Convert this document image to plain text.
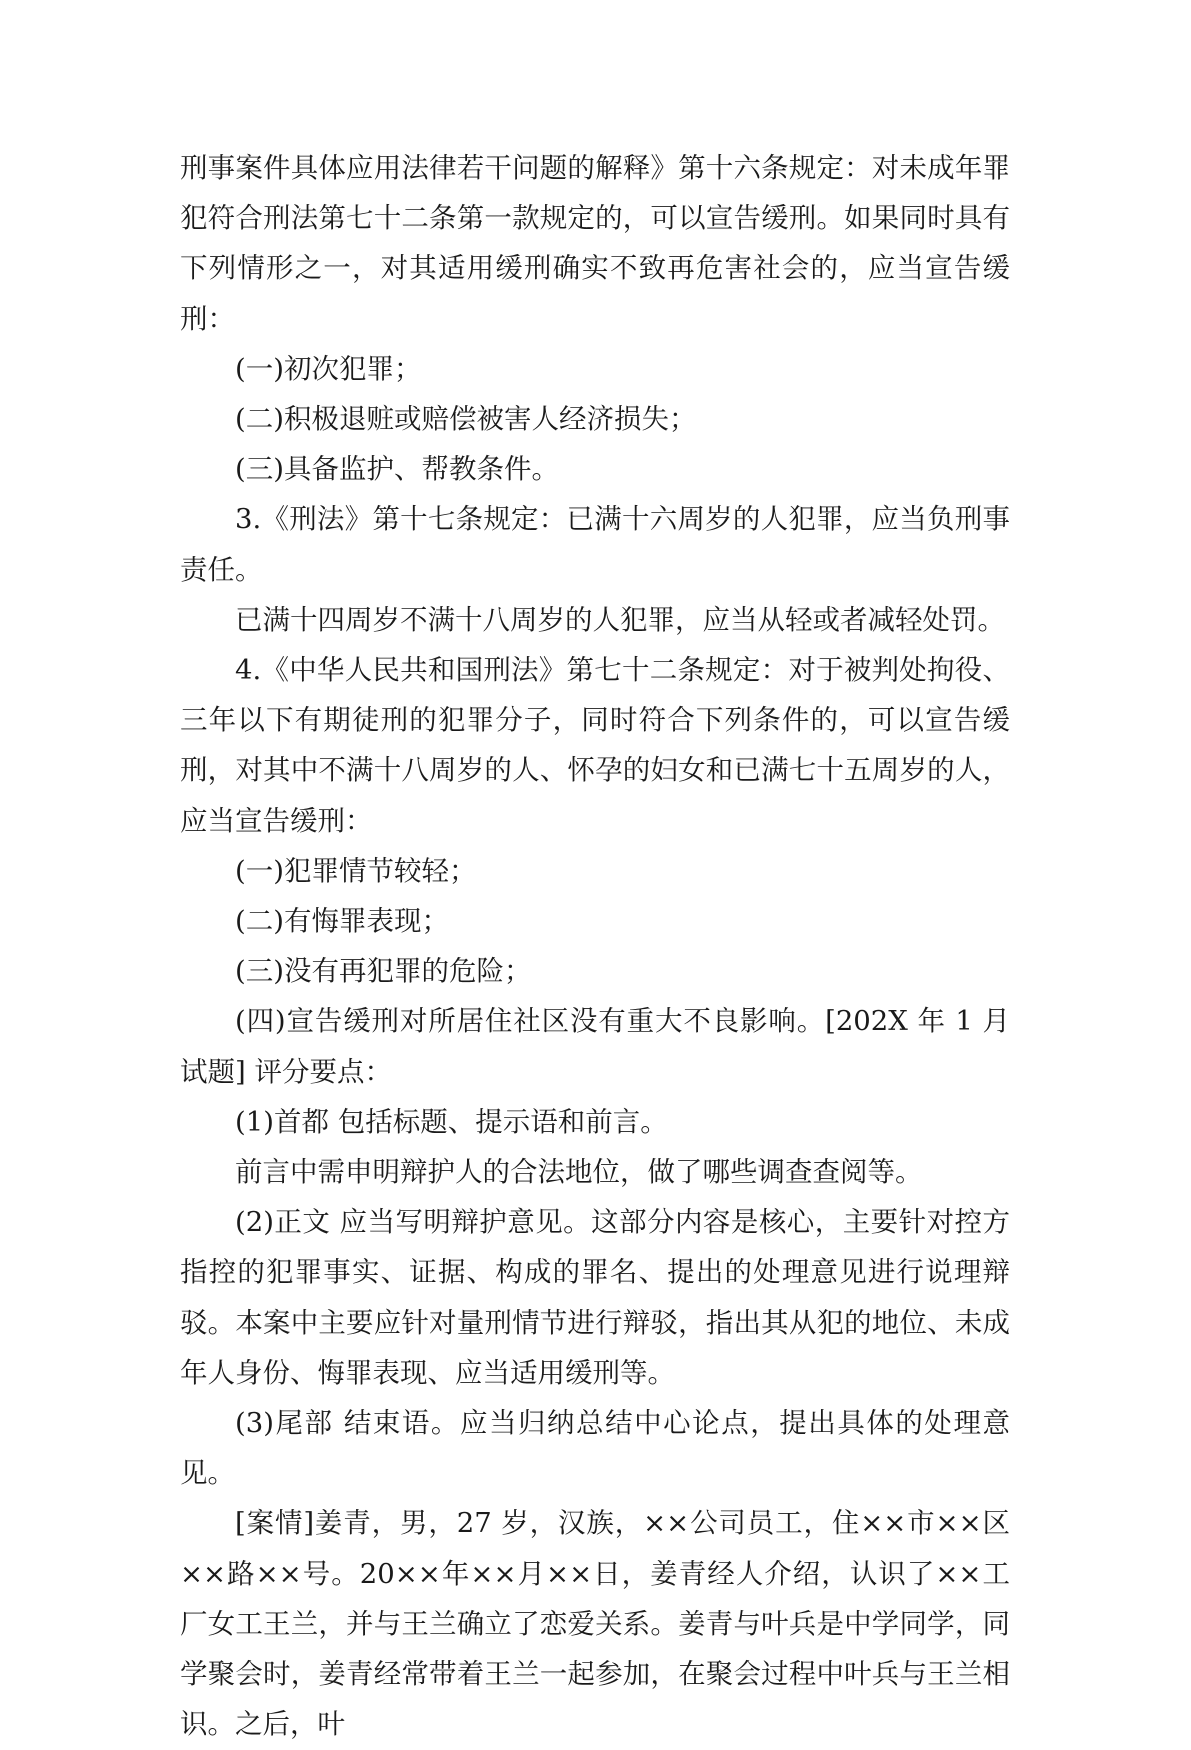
刑事案件具体应用法律若干问题的解释》第十六条规定：对未成年罪犯符合刑法第七十二条第一款规定的，可以宣告缓刑。如果同时具有下列情形之一，对其适用缓刑确实不致再危害社会的，应当宣告缓刑：

(一)初次犯罪；

(二)积极退赃或赔偿被害人经济损失；

(三)具备监护、帮教条件。

3.《刑法》第十七条规定：已满十六周岁的人犯罪，应当负刑事责任。

已满十四周岁不满十八周岁的人犯罪，应当从轻或者减轻处罚。

4.《中华人民共和国刑法》第七十二条规定：对于被判处拘役、三年以下有期徒刑的犯罪分子，同时符合下列条件的，可以宣告缓刑，对其中不满十八周岁的人、怀孕的妇女和已满七十五周岁的人，应当宣告缓刑：

(一)犯罪情节较轻；

(二)有悔罪表现；

(三)没有再犯罪的危险；

(四)宣告缓刑对所居住社区没有重大不良影响。[202X 年 1 月试题] 评分要点：

(1)首都 包括标题、提示语和前言。

前言中需申明辩护人的合法地位，做了哪些调查查阅等。

(2)正文 应当写明辩护意见。这部分内容是核心，主要针对控方指控的犯罪事实、证据、构成的罪名、提出的处理意见进行说理辩驳。本案中主要应针对量刑情节进行辩驳，指出其从犯的地位、未成年人身份、悔罪表现、应当适用缓刑等。

(3)尾部 结束语。应当归纳总结中心论点，提出具体的处理意见。

[案情]姜青，男，27 岁，汉族，××公司员工，住××市××区××路××号。20××年××月××日，姜青经人介绍，认识了××工厂女工王兰，并与王兰确立了恋爱关系。姜青与叶兵是中学同学，同学聚会时，姜青经常带着王兰一起参加，在聚会过程中叶兵与王兰相识。之后，叶
